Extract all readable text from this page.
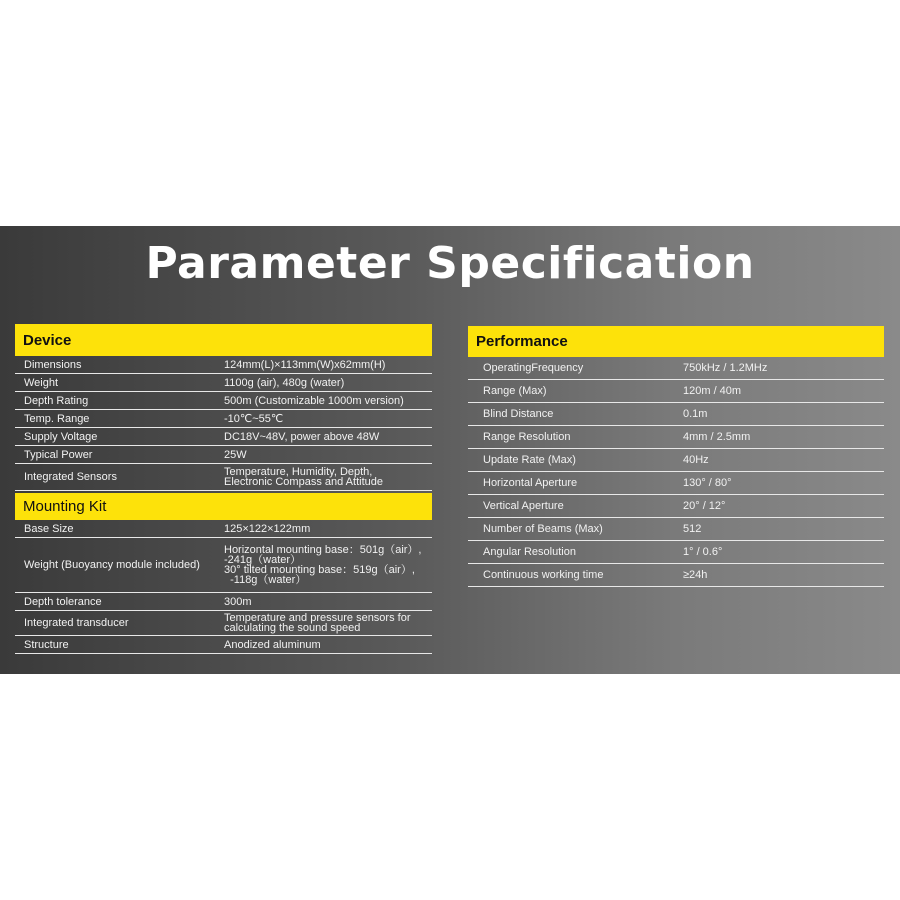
Parameter Specification
Device
Dimensions	124mm(L)×113mm(W)x62mm(H)
Weight	1100g (air), 480g (water)
Depth Rating	500m (Customizable 1000m version)
Temp. Range	-10℃~55℃
Supply Voltage	DC18V~48V, power above 48W
Typical Power	25W
Integrated Sensors	Temperature, Humidity, Depth,
Electronic Compass and Attitude
Mounting Kit
Base Size	125×122×122mm
Weight (Buoyancy module included)
Horizontal mounting base：501g（air）,
-241g（water）
30° tilted mounting base：519g（air）,
-118g（water）
Depth tolerance	300m
Integrated transducer	Temperature and pressure sensors for
calculating the sound speed
Structure	Anodized aluminum
Performance
OperatingFrequency	750kHz / 1.2MHz
Range (Max)	120m / 40m
Blind Distance	0.1m
Range Resolution	4mm / 2.5mm
Update Rate (Max)	40Hz
Horizontal Aperture	130° / 80°
Vertical Aperture	20° / 12°
Number of Beams (Max)	512
Angular Resolution	1° / 0.6°
Continuous working time	≥24h
